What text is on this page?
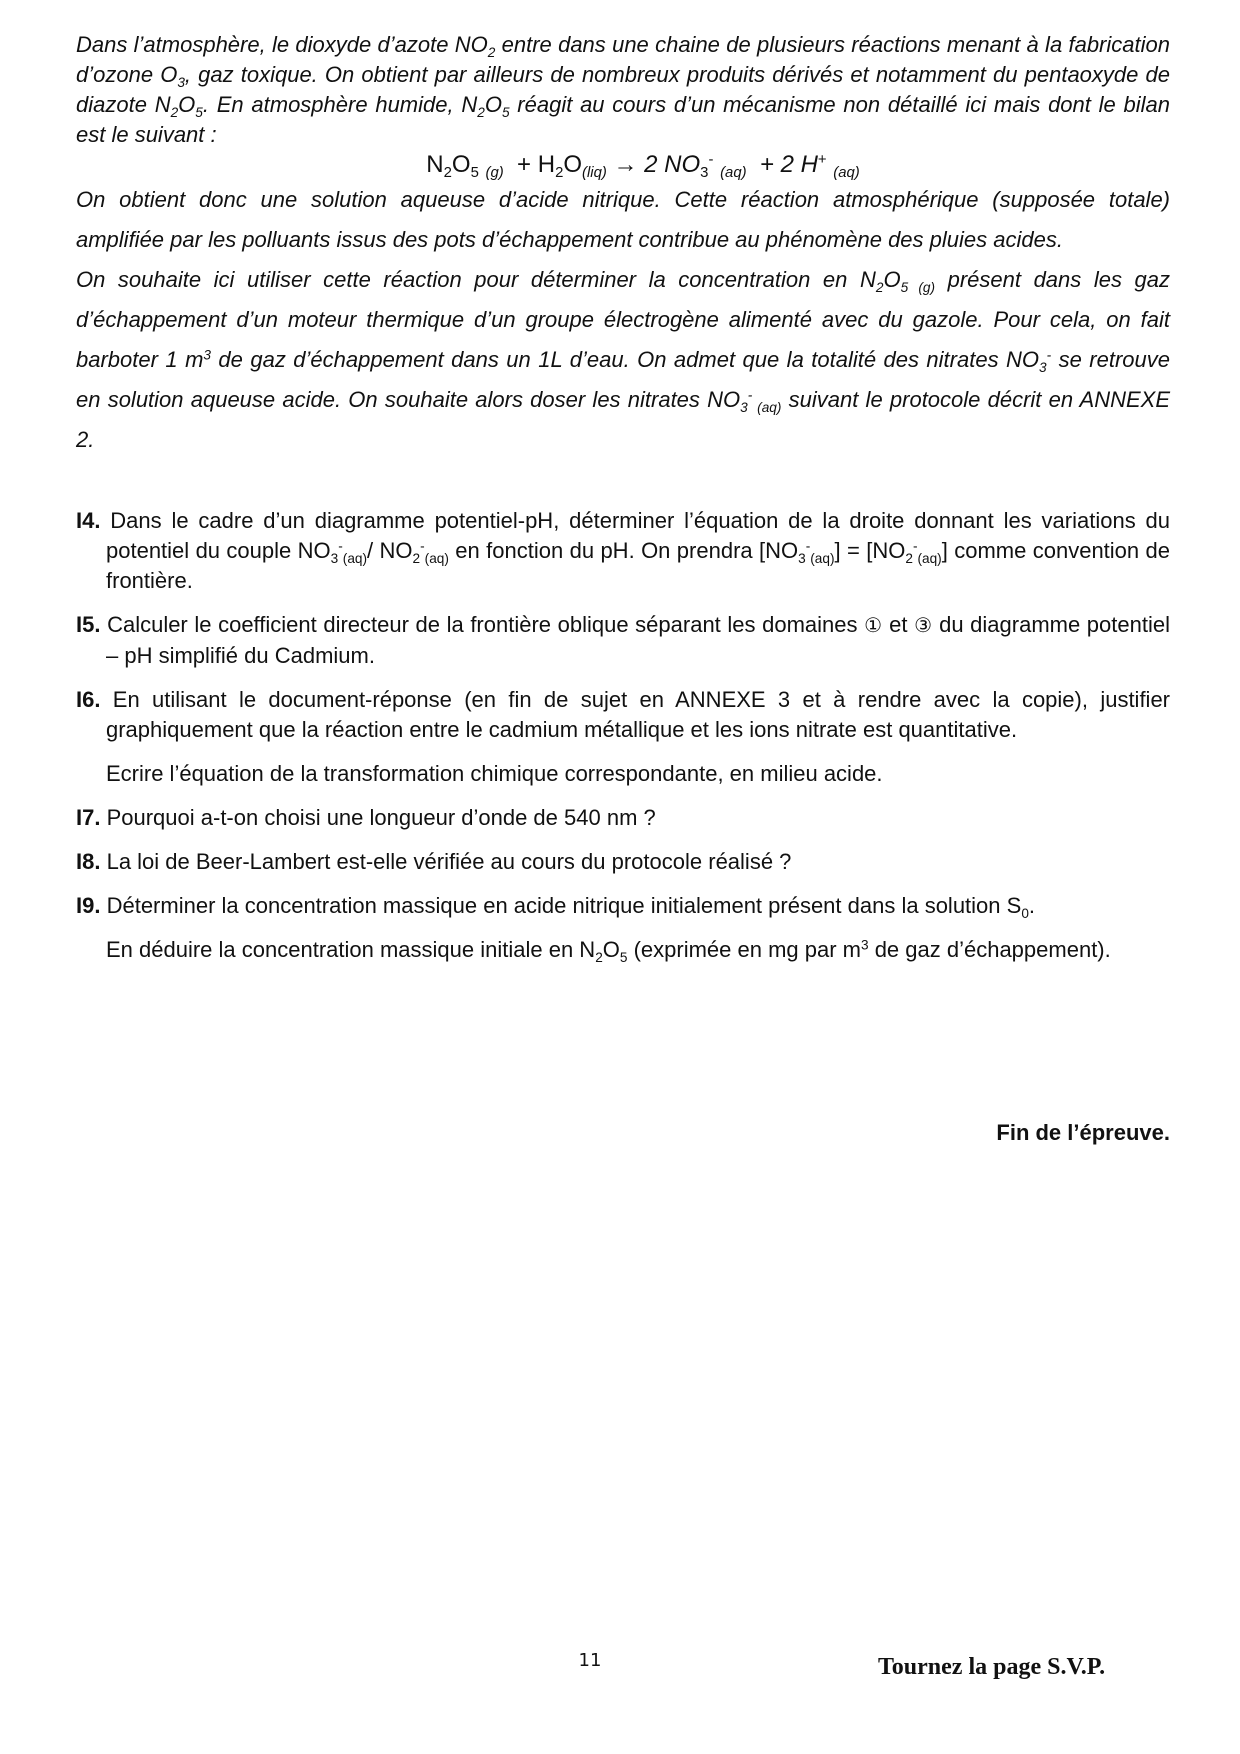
Dans l’atmosphère, le dioxyde d’azote $NO_2$ entre dans une chaine de plusieurs réactions menant à la fabrication d’ozone $O_3$, gaz toxique. On obtient par ailleurs de nombreux produits dérivés et notamment du pentaoxyde de diazote $N_2O_5$. En atmosphère humide, $N_2O_5$ réagit au cours d’un mécanisme non détaillé ici mais dont le bilan est le suivant :

$N_2O_5$ $_{(g)} + H_2O_{(liq)} \to 2$ $NO_3^-$ $_{(aq)}$ + 2 H+ $_{(aq)}$

On obtient donc une solution aqueuse d’acide nitrique. Cette réaction atmosphérique (supposée totale) amplifiée par les polluants issus des pots d’échappement contribue au phénomène des pluies acides.

On souhaite ici utiliser cette réaction pour déterminer la concentration en $N_2O_{5 (g)}$ présent dans les gaz d’échappement d’un moteur thermique d’un groupe électrogène alimenté avec du gazole. Pour cela, on fait barboter 1 $m^3$ de gaz d’échappement dans un 1L d’eau. On admet que la totalité des nitrates $NO_3^-$ se retrouve en solution aqueuse acide. On souhaite alors doser les nitrates $NO_3^-$ $_{(aq)}$ suivant le protocole décrit en ANNEXE 2.

I4. Dans le cadre d’un diagramme potentiel-pH, déterminer l’équation de la droite donnant les variations du potentiel du couple $NO_3^-_{(aq)}/$ $NO_2^-_{(aq)}$ en fonction du pH. On prendra $[NO_3^-_{(aq)}] = [NO_2^-_{(aq)}]$ comme convention de frontière.

I5. Calculer le coefficient directeur de la frontière oblique séparant les domaines ① et ③ du diagramme potentiel – pH simplifié du Cadmium.

I6. En utilisant le document-réponse (en fin de sujet en ANNEXE 3 et à rendre avec la copie), justifier graphiquement que la réaction entre le cadmium métallique et les ions nitrate est quantitative.

Ecrire l’équation de la transformation chimique correspondante, en milieu acide.

I7. Pourquoi a-t-on choisi une longueur d’onde de 540 nm ?

I8. La loi de Beer-Lambert est-elle vérifiée au cours du protocole réalisé ?

I9. Déterminer la concentration massique en acide nitrique initialement présent dans la solution $S_0$.

En déduire la concentration massique initiale en $N_2O_5$ (exprimée en mg par $m^3$ de gaz d’échappement).

Fin de l’épreuve.
11	Tournez la page S.V.P.
